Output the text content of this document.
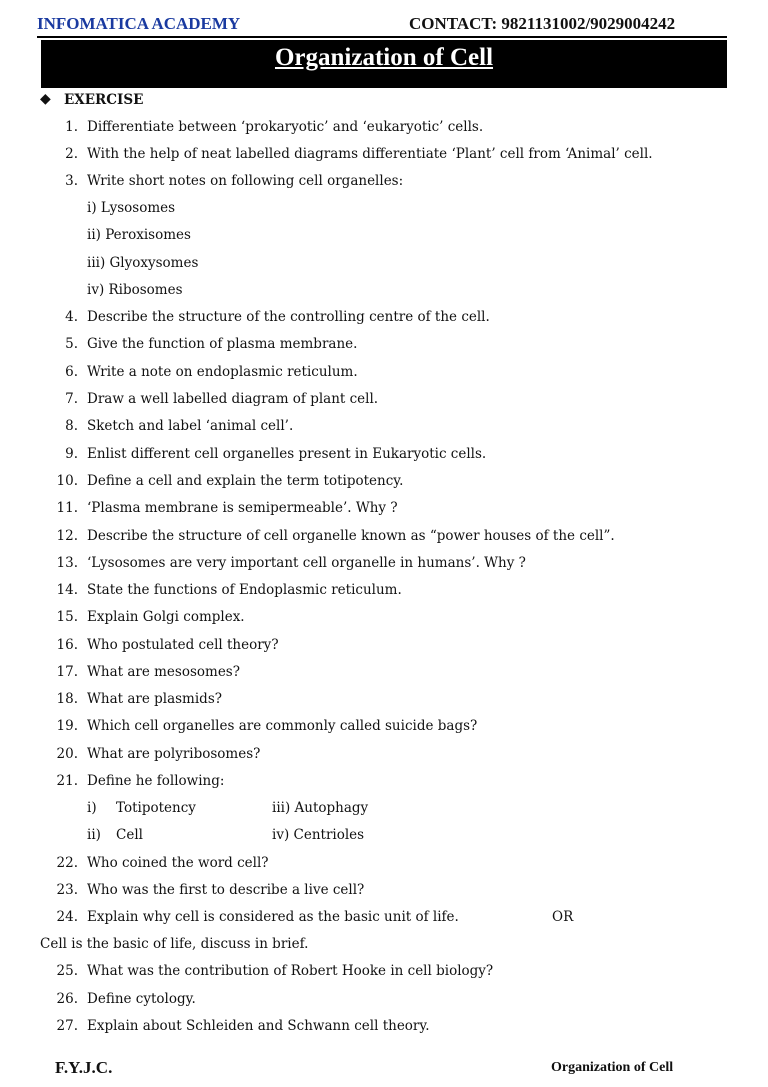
INFOMATICA ACADEMY	CONTACT: 9821131002/9029004242
Organization of Cell
◆ EXERCISE
1. Differentiate between ‘prokaryotic’ and ‘eukaryotic’ cells.
2. With the help of neat labelled diagrams differentiate ‘Plant’ cell from ‘Animal’ cell.
3. Write short notes on following cell organelles:
i) Lysosomes
ii) Peroxisomes
iii) Glyoxysomes
iv) Ribosomes
4. Describe the structure of the controlling centre of the cell.
5. Give the function of plasma membrane.
6. Write a note on endoplasmic reticulum.
7. Draw a well labelled diagram of plant cell.
8. Sketch and label ‘animal cell’.
9. Enlist different cell organelles present in Eukaryotic cells.
10. Define a cell and explain the term totipotency.
11. ‘Plasma membrane is semipermeable’. Why ?
12. Describe the structure of cell organelle known as “power houses of the cell”.
13. ‘Lysosomes are very important cell organelle in humans’. Why ?
14. State the functions of Endoplasmic reticulum.
15. Explain Golgi complex.
16. Who postulated cell theory?
17. What are mesosomes?
18. What are plasmids?
19. Which cell organelles are commonly called suicide bags?
20. What are polyribosomes?
21. Define he following:
i) Totipotency	iii) Autophagy
ii) Cell	iv) Centrioles
22. Who coined the word cell?
23. Who was the first to describe a live cell?
24. Explain why cell is considered as the basic unit of life.	OR
Cell is the basic of life, discuss in brief.
25. What was the contribution of Robert Hooke in cell biology?
26. Define cytology.
27. Explain about Schleiden and Schwann cell theory.
F.Y.J.C.	Organization of Cell
